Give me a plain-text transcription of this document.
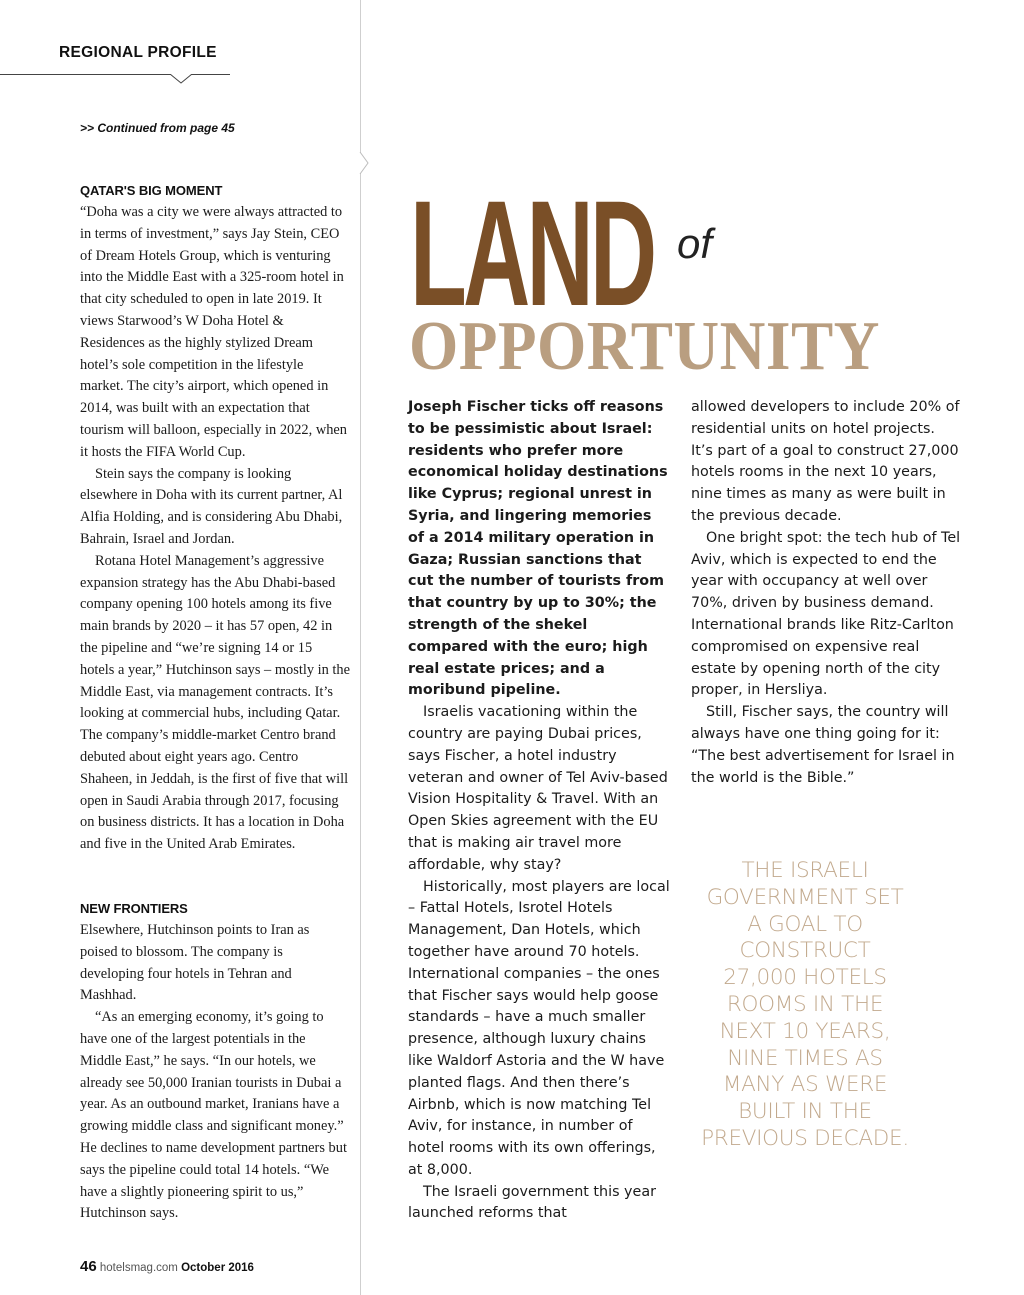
REGIONAL PROFILE
>> Continued from page 45
QATAR'S BIG MOMENT

“Doha was a city we were always attracted to in terms of investment,” says Jay Stein, CEO of Dream Hotels Group, which is venturing into the Middle East with a 325-room hotel in that city scheduled to open in late 2019. It views Starwood’s W Doha Hotel & Residences as the highly stylized Dream hotel’s sole competition in the lifestyle market. The city’s airport, which opened in 2014, was built with an expectation that tourism will balloon, especially in 2022, when it hosts the FIFA World Cup.

Stein says the company is looking elsewhere in Doha with its current partner, Al Alfia Holding, and is considering Abu Dhabi, Bahrain, Israel and Jordan.

Rotana Hotel Management’s aggressive expansion strategy has the Abu Dhabi-based company opening 100 hotels among its five main brands by 2020 – it has 57 open, 42 in the pipeline and “we’re signing 14 or 15 hotels a year,” Hutchinson says – mostly in the Middle East, via management contracts. It’s looking at commercial hubs, including Qatar. The company’s middle-market Centro brand debuted about eight years ago. Centro Shaheen, in Jeddah, is the first of five that will open in Saudi Arabia through 2017, focusing on business districts. It has a location in Doha and five in the United Arab Emirates.

NEW FRONTIERS

Elsewhere, Hutchinson points to Iran as poised to blossom. The company is developing four hotels in Tehran and Mashhad.

“As an emerging economy, it’s going to have one of the largest potentials in the Middle East,” he says. “In our hotels, we already see 50,000 Iranian tourists in Dubai a year. As an outbound market, Iranians have a growing middle class and significant money.” He declines to name development partners but says the pipeline could total 14 hotels. “We have a slightly pioneering spirit to us,” Hutchinson says.

LAND of
OPPORTUNITY

Joseph Fischer ticks off reasons to be pessimistic about Israel: residents who prefer more economical holiday destinations like Cyprus; regional unrest in Syria, and lingering memories of a 2014 military operation in Gaza; Russian sanctions that cut the number of tourists from that country by up to 30%; the strength of the shekel compared with the euro; high real estate prices; and a moribund pipeline.

Israelis vacationing within the country are paying Dubai prices, says Fischer, a hotel industry veteran and owner of Tel Aviv-based Vision Hospitality & Travel. With an Open Skies agreement with the EU that is making air travel more affordable, why stay?

Historically, most players are local – Fattal Hotels, Isrotel Hotels Management, Dan Hotels, which together have around 70 hotels. International companies – the ones that Fischer says would help goose standards – have a much smaller presence, although luxury chains like Waldorf Astoria and the W have planted flags. And then there’s Airbnb, which is now matching Tel Aviv, for instance, in number of hotel rooms with its own offerings, at 8,000.

The Israeli government this year launched reforms that

allowed developers to include 20% of residential units on hotel projects. It’s part of a goal to construct 27,000 hotels rooms in the next 10 years, nine times as many as were built in the previous decade.

One bright spot: the tech hub of Tel Aviv, which is expected to end the year with occupancy at well over 70%, driven by business demand. International brands like Ritz-Carlton compromised on expensive real estate by opening north of the city proper, in Hersliya.

Still, Fischer says, the country will always have one thing going for it: “The best advertisement for Israel in the world is the Bible.”

THE ISRAELI GOVERNMENT SET A GOAL TO CONSTRUCT 27,000 HOTELS ROOMS IN THE NEXT 10 YEARS, NINE TIMES AS MANY AS WERE BUILT IN THE PREVIOUS DECADE.
46 hotelsmag.com October 2016
